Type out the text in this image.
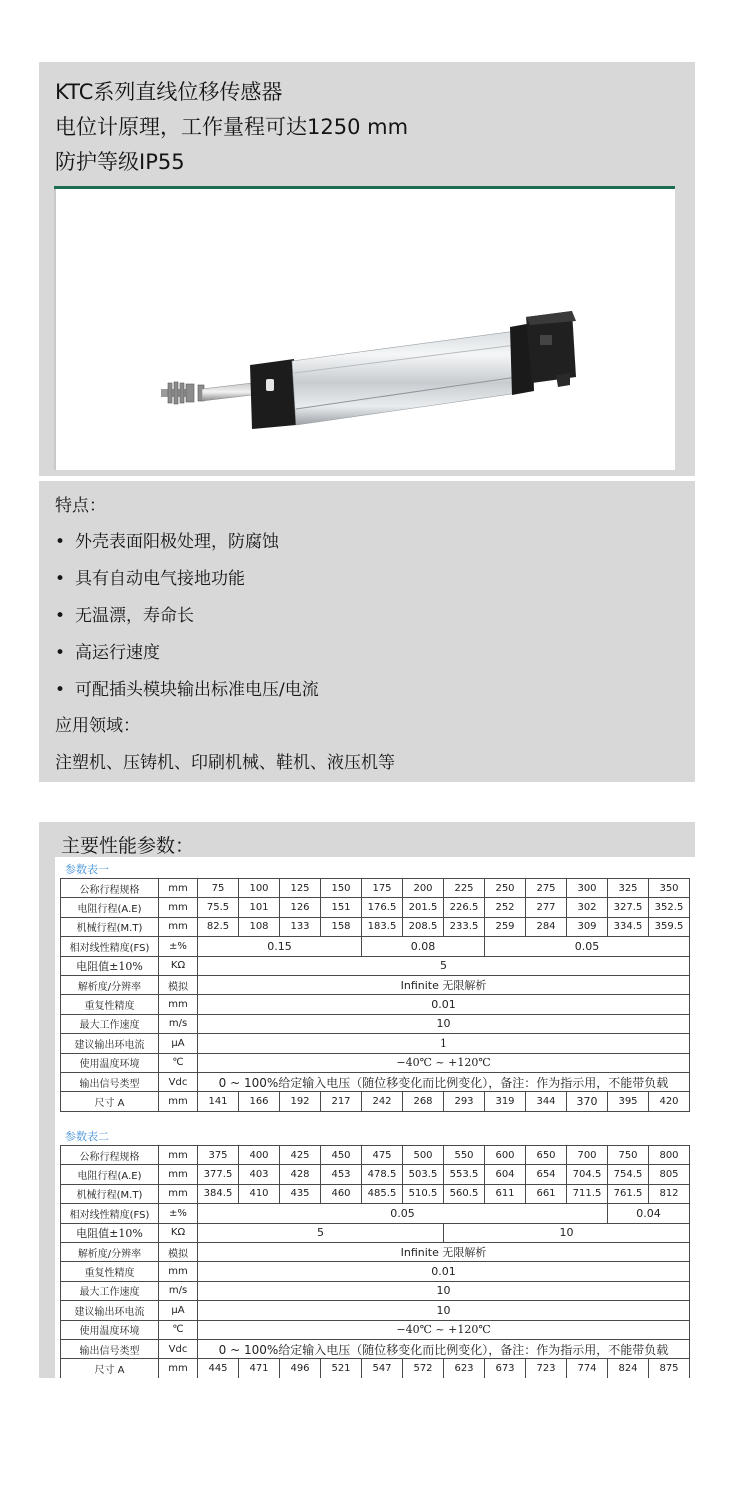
KTC系列直线位移传感器
电位计原理，工作量程可达1250 mm
防护等级IP55
特点：
• 外壳表面阳极处理，防腐蚀
• 具有自动电气接地功能
• 无温漂，寿命长
• 高运行速度
• 可配插头模块输出标准电压/电流
应用领域：
注塑机、压铸机、印刷机械、鞋机、液压机等
主要性能参数：
参数表一
公称行程规格	mm	75	100	125	150	175	200	225	250	275	300	325	350
电阻行程(A.E)	mm	75.5	101	126	151	176.5	201.5	226.5	252	277	302	327.5	352.5
机械行程(M.T)	mm	82.5	108	133	158	183.5	208.5	233.5	259	284	309	334.5	359.5
相对线性精度(FS)	±%	0.15				0.08			0.05				
电阻值±10%	KΩ	5											
解析度/分辨率	模拟	Infinite 无限解析											
重复性精度	mm	0.01											
最大工作速度	m/s	10											
建议输出环电流	μA	1											
使用温度环境	℃	−40℃ ~ +120℃											
输出信号类型	Vdc	0 ~ 100%给定输入电压（随位移变化而比例变化），备注：作为指示用，不能带负载											
尺寸 A	mm	141	166	192	217	242	268	293	319	344	370	395	420
参数表二
公称行程规格	mm	375	400	425	450	475	500	550	600	650	700	750	800
电阻行程(A.E)	mm	377.5	403	428	453	478.5	503.5	553.5	604	654	704.5	754.5	805
机械行程(M.T)	mm	384.5	410	435	460	485.5	510.5	560.5	611	661	711.5	761.5	812
相对线性精度(FS)	±%	0.05										0.04	
电阻值±10%	KΩ	5						10					
解析度/分辨率	模拟	Infinite 无限解析											
重复性精度	mm	0.01											
最大工作速度	m/s	10											
建议输出环电流	μA	10											
使用温度环境	℃	−40℃ ~ +120℃											
输出信号类型	Vdc	0 ~ 100%给定输入电压（随位移变化而比例变化），备注：作为指示用，不能带负载											
尺寸 A	mm	445	471	496	521	547	572	623	673	723	774	824	875
